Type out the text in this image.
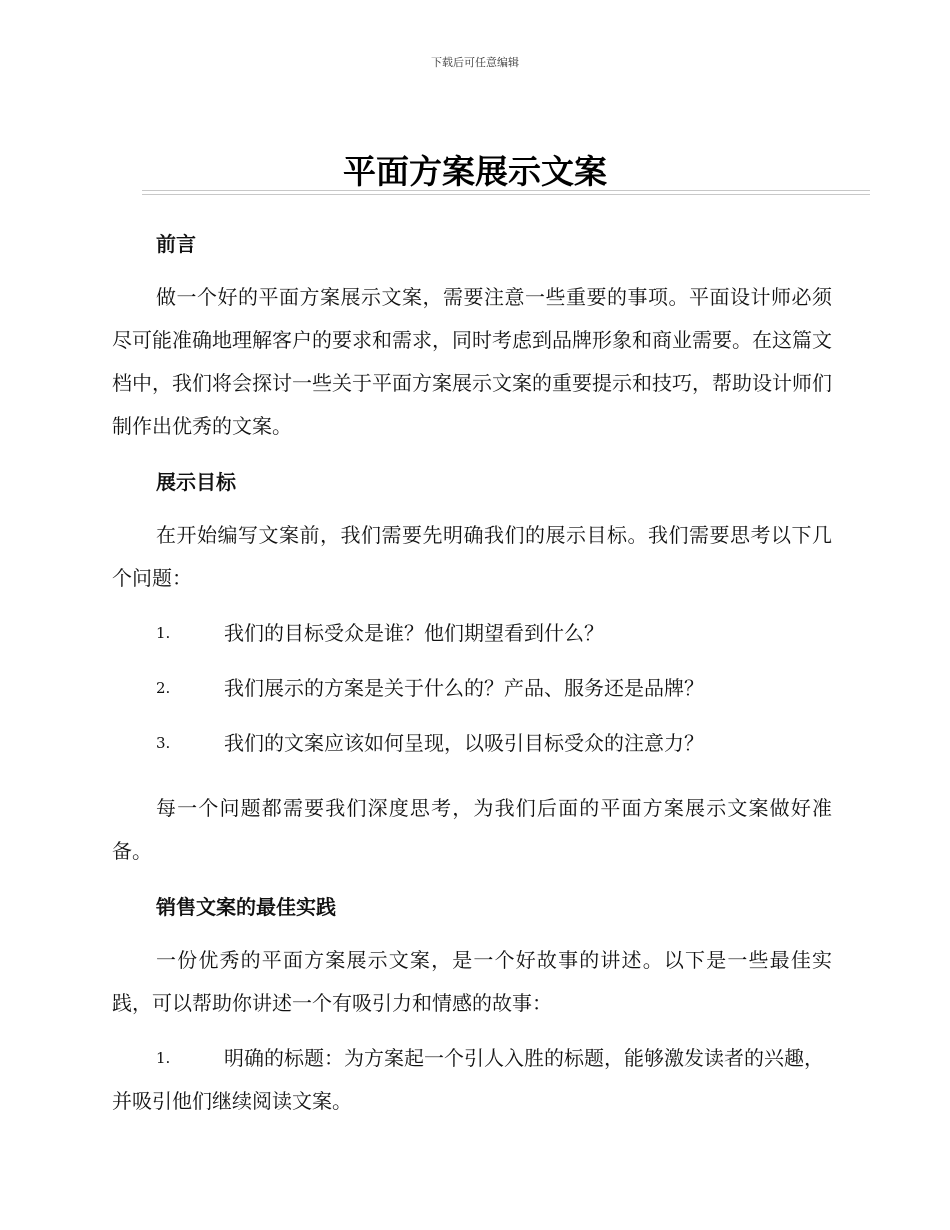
下载后可任意编辑
平面方案展示文案
前言

做一个好的平面方案展示文案，需要注意一些重要的事项。平面设计师必须尽可能准确地理解客户的要求和需求，同时考虑到品牌形象和商业需要。在这篇文档中，我们将会探讨一些关于平面方案展示文案的重要提示和技巧，帮助设计师们制作出优秀的文案。

展示目标

在开始编写文案前，我们需要先明确我们的展示目标。我们需要思考以下几个问题：

1.	我们的目标受众是谁？他们期望看到什么？
2.	我们展示的方案是关于什么的？产品、服务还是品牌？
3.	我们的文案应该如何呈现，以吸引目标受众的注意力？

每一个问题都需要我们深度思考，为我们后面的平面方案展示文案做好准备。

销售文案的最佳实践

一份优秀的平面方案展示文案，是一个好故事的讲述。以下是一些最佳实践，可以帮助你讲述一个有吸引力和情感的故事：

1.	明确的标题：为方案起一个引人入胜的标题，能够激发读者的兴趣，并吸引他们继续阅读文案。
